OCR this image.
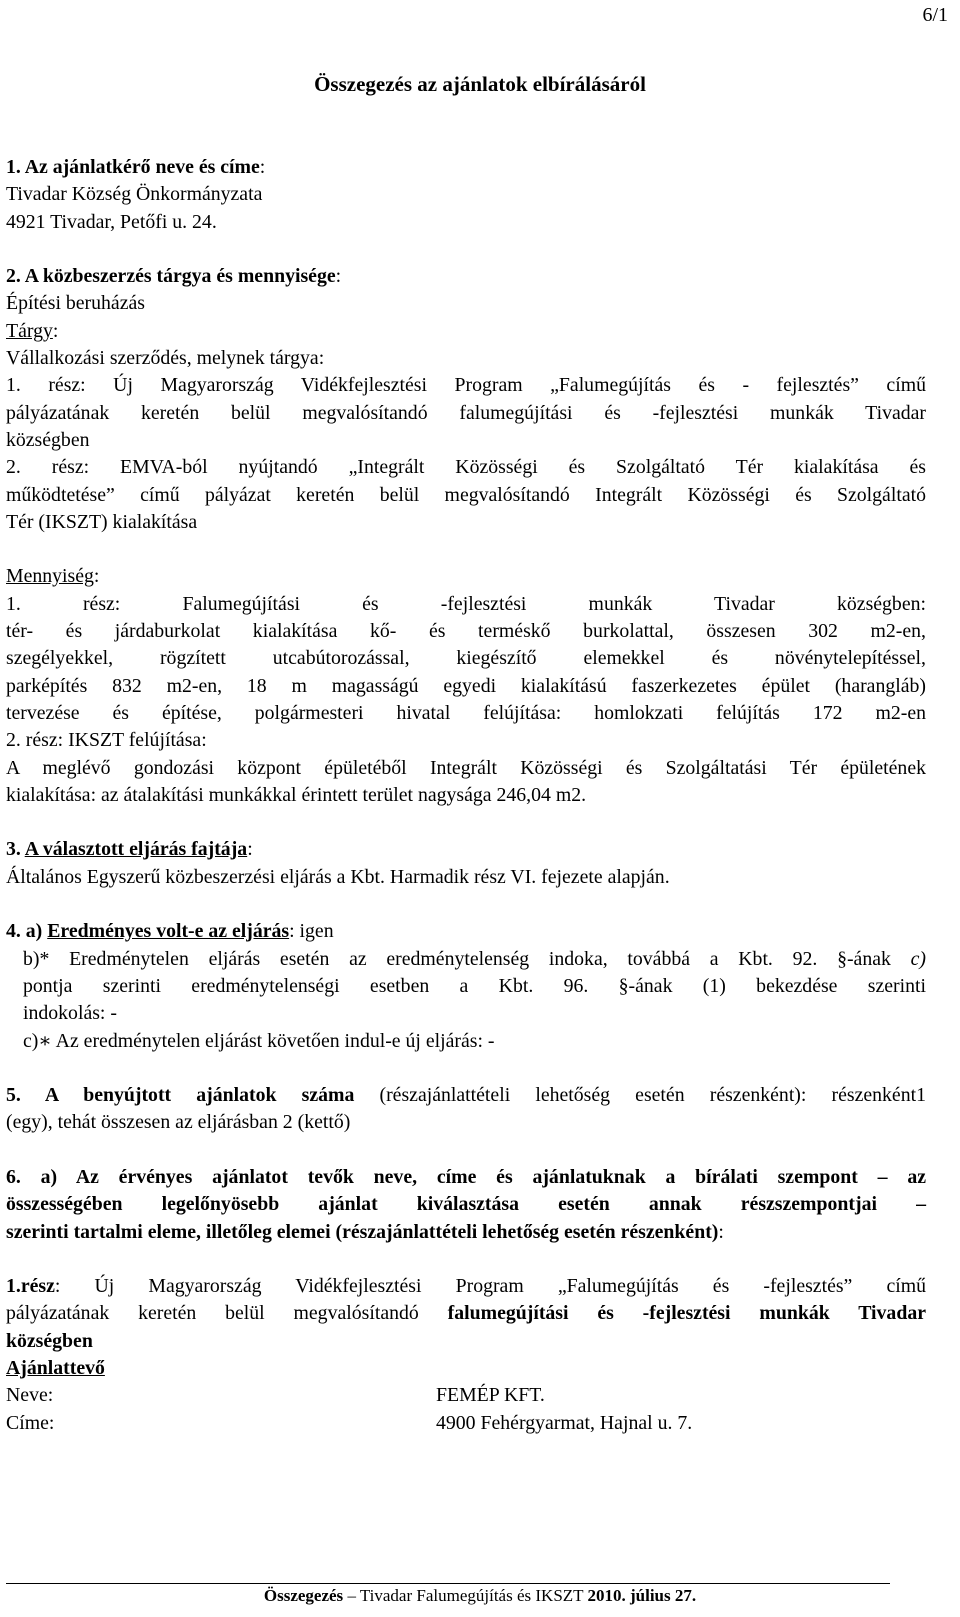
6/1
Összegezés az ajánlatok elbírálásáról
1. Az ajánlatkérő neve és címe:
Tivadar Község Önkormányzata
4921 Tivadar, Petőfi u. 24.
2. A közbeszerzés tárgya és mennyisége:
Építési beruházás
Tárgy:
Vállalkozási szerződés, melynek tárgya:
1. rész: Új Magyarország Vidékfejlesztési Program „Falumegújítás és - fejlesztés” című
pályázatának keretén belül megvalósítandó falumegújítási és -fejlesztési munkák Tivadar
községben
2. rész: EMVA-ból nyújtandó „Integrált Közösségi és Szolgáltató Tér kialakítása és
működtetése” című pályázat keretén belül megvalósítandó Integrált Közösségi és Szolgáltató
Tér (IKSZT) kialakítása
Mennyiség:
1. rész: Falumegújítási és -fejlesztési munkák Tivadar községben:
tér- és járdaburkolat kialakítása kő- és terméskő burkolattal, összesen 302 m2-en,
szegélyekkel, rögzített utcabútorozással, kiegészítő elemekkel és növénytelepítéssel,
parképítés 832 m2-en, 18 m magasságú egyedi kialakítású faszerkezetes épület (harangláb)
tervezése és építése, polgármesteri hivatal felújítása: homlokzati felújítás 172 m2-en
2. rész: IKSZT felújítása:
A meglévő gondozási központ épületéből Integrált Közösségi és Szolgáltatási Tér épületének
kialakítása: az átalakítási munkákkal érintett terület nagysága 246,04 m2.
3. A választott eljárás fajtája:
Általános Egyszerű közbeszerzési eljárás a Kbt. Harmadik rész VI. fejezete alapján.
4. a) Eredményes volt-e az eljárás: igen
b)* Eredménytelen eljárás esetén az eredménytelenség indoka, továbbá a Kbt. 92. §-ának c)
pontja szerinti eredménytelenségi esetben a Kbt. 96. §-ának (1) bekezdése szerinti
indokolás: -
c)∗ Az eredménytelen eljárást követően indul-e új eljárás: -
5. A benyújtott ajánlatok száma (részajánlattételi lehetőség esetén részenként): részenként1
(egy), tehát összesen az eljárásban 2 (kettő)
6. a) Az érvényes ajánlatot tevők neve, címe és ajánlatuknak a bírálati szempont – az
összességében legelőnyösebb ajánlat kiválasztása esetén annak részszempontjai –
szerinti tartalmi eleme, illetőleg elemei (részajánlattételi lehetőség esetén részenként):
1.rész: Új Magyarország Vidékfejlesztési Program „Falumegújítás és -fejlesztés” című
pályázatának keretén belül megvalósítandó falumegújítási és -fejlesztési munkák Tivadar
községben
Ajánlattevő
Neve:	FEMÉP KFT.
Címe:	4900 Fehérgyarmat, Hajnal u. 7.
Összegezés – Tivadar Falumegújítás és IKSZT 2010. július 27.
